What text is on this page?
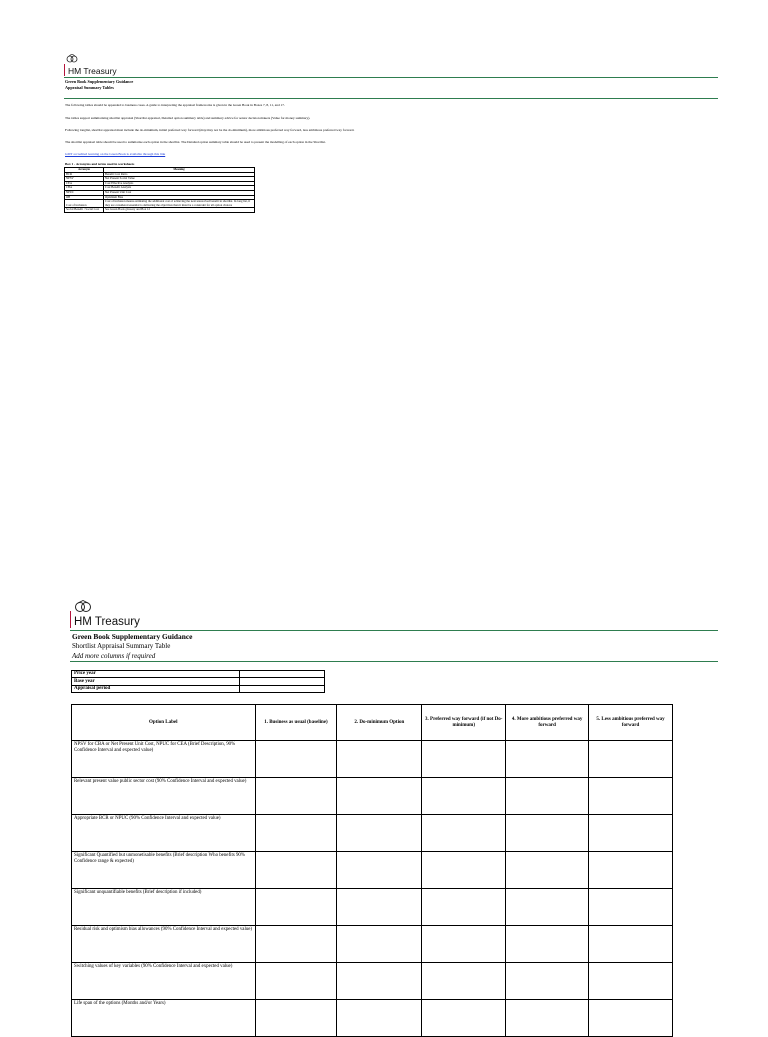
HM Treasury
Green Book Supplementary Guidance
Appraisal Summary Tables
The following tables should be appended to business cases. A guide to interpreting the appraisal frameworks is given in the Green Book in Boxes 7, 8, 11, and 17.
The tables support summarising shortlist appraisal (Shortlist appraisal, Detailed option summary table) and summary advice for senior decision makers (Value for money summary).
Following longlist, shortlist appraisal must include the do-minimum, initial preferred way forward (may/may not be the do-minimum), more ambitious preferred way forward, less ambitious preferred way forward.
The shortlist appraisal table should be used to summarise each option in the shortlist. The Detailed option summary table should be used to present the modelling of each option in the Shortlist.
GMT accredited learning on the Green Book is available through this link
Box 1 - Acronyms and terms used in worksheets
Acronym	Meaning
BCR	Benefit Cost Ratio
NPSV	Net Present Social Value
CEA	Cost Effective Analysis
CBA	Cost Benefit Analysis
NPUC	Net Present Unit Cost
OB	Optimism Bias
Cost of inclusion	Cost of inclusion means estimating the additional cost of achieving the next unresolved benefit in shortlist. In long list, if they are considered essential to delivering the objectives then it must be a constraint for all option choices
Social Benefit / Social Cost	See Green Book glossary and Box 12
HM Treasury
Green Book Supplementary Guidance
Shortlist Appraisal Summary Table
Add more columns if required
Price year	
Base year	
Appraisal period	
Option Label	1. Business as usual (baseline)	2. Do-minimum Option	3. Preferred way forward (if not Do-minimum)	4. More ambitious preferred way forward	5. Less ambitious preferred way forward
NPSV for CBA or Net Present Unit Cost, NPUC for CEA (Brief Description, 90% Confidence Interval and expected value)					
Relevant present value public sector cost (90% Confidence Interval and expected value)					
Appropriate BCR or NPUC (90% Confidence Interval and expected value)					
Significant Quantified but unmonetisable benefits (Brief description Who benefits 90% Confidence range & expected)					
Significant unquantifiable benefits (Brief description if included)					
Residual risk and optimism bias allowances (90% Confidence Interval and expected value)					
Switching values of key variables (90% Confidence Interval and expected value)					
Life span of the options (Months and/or Years)					
